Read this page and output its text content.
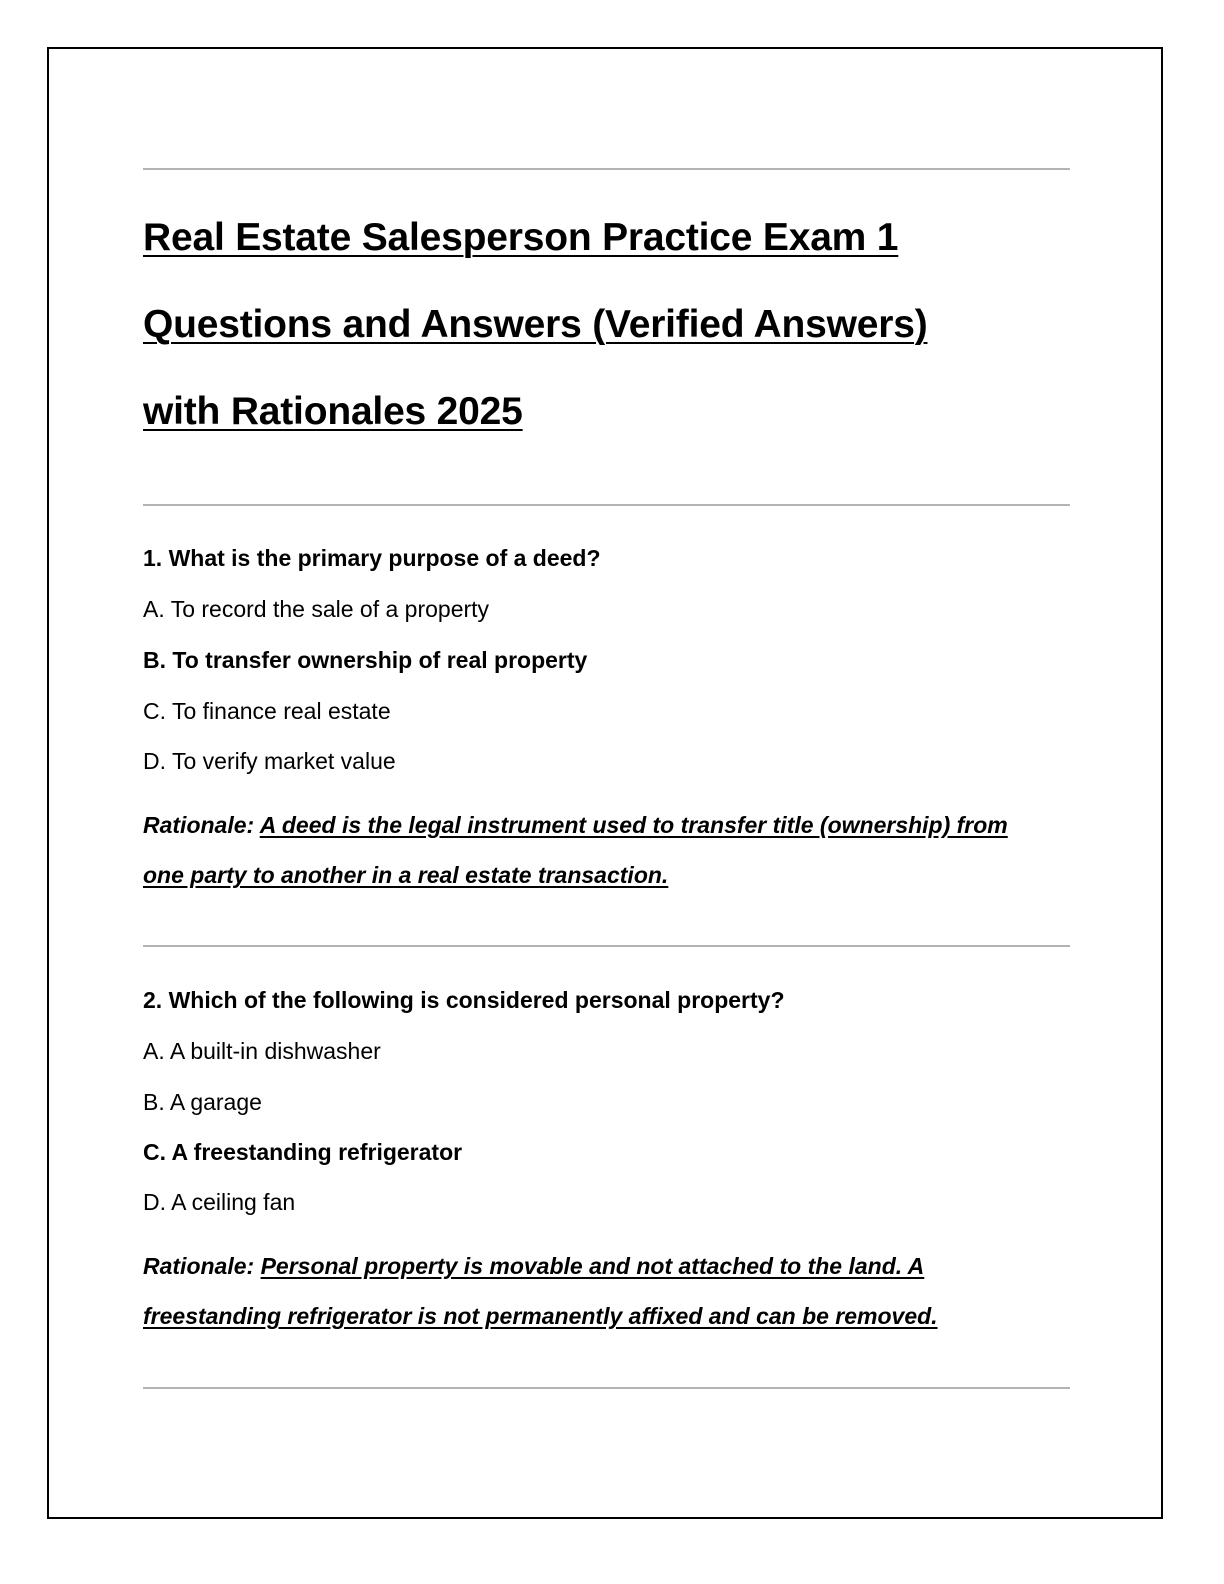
Real Estate Salesperson Practice Exam 1
Questions and Answers (Verified Answers)
with Rationales 2025
1. What is the primary purpose of a deed?
A. To record the sale of a property
B. To transfer ownership of real property
C. To finance real estate
D. To verify market value
Rationale: A deed is the legal instrument used to transfer title (ownership) from
one party to another in a real estate transaction.
2. Which of the following is considered personal property?
A. A built-in dishwasher
B. A garage
C. A freestanding refrigerator
D. A ceiling fan
Rationale: Personal property is movable and not attached to the land. A
freestanding refrigerator is not permanently affixed and can be removed.
